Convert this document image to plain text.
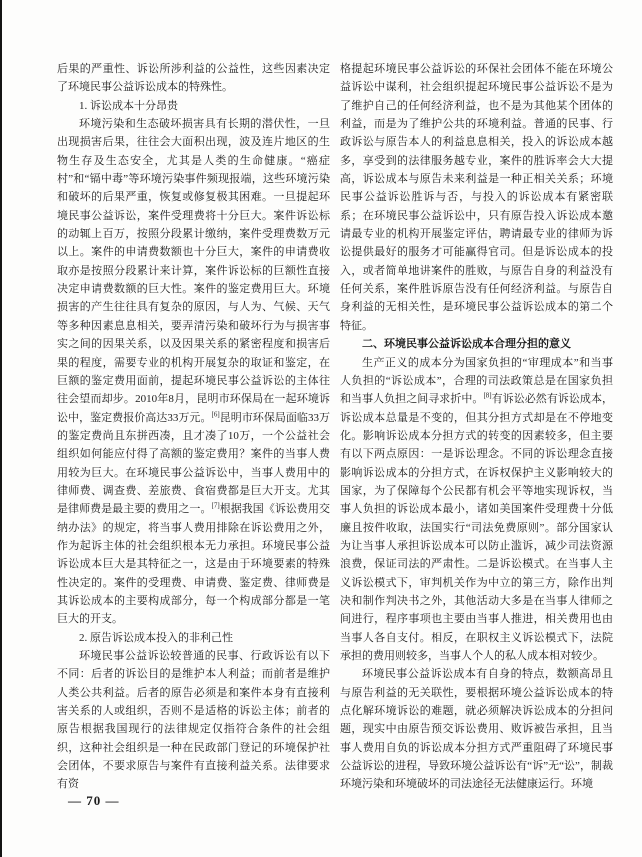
后果的严重性、诉讼所涉利益的公益性，这些因素决定了环境民事公益诉讼成本的特殊性。

1. 诉讼成本十分昂贵

环境污染和生态破坏损害具有长期的潜伏性，一旦出现损害后果，往往会大面积出现，波及连片地区的生物生存及生态安全，尤其是人类的生命健康。“癌症村”和“镉中毒”等环境污染事件频现报端，这些环境污染和破坏的后果严重，恢复或修复极其困难。一旦提起环境民事公益诉讼，案件受理费将十分巨大。案件诉讼标的动辄上百万，按照分段累计缴纳，案件受理费数万元以上。案件的申请费数额也十分巨大，案件的申请费收取亦是按照分段累计来计算，案件诉讼标的巨额性直接决定申请费数额的巨大性。案件的鉴定费用巨大。环境损害的产生往往具有复杂的原因，与人为、气候、天气等多种因素息息相关，要弄清污染和破坏行为与损害事实之间的因果关系，以及因果关系的紧密程度和损害后果的程度，需要专业的机构开展复杂的取证和鉴定，在巨额的鉴定费用面前，提起环境民事公益诉讼的主体往往会望而却步。2010年8月，昆明市环保局在一起环境诉讼中，鉴定费报价高达33万元。[6]昆明市环保局面临33万的鉴定费尚且东拼西凑，且才凑了10万，一个公益社会组织如何能应付得了高额的鉴定费用？案件的当事人费用较为巨大。在环境民事公益诉讼中，当事人费用中的律师费、调查费、差旅费、食宿费都是巨大开支。尤其是律师费是最主要的费用之一。[7]根据我国《诉讼费用交纳办法》的规定，将当事人费用排除在诉讼费用之外，作为起诉主体的社会组织根本无力承担。环境民事公益诉讼成本巨大是其特征之一，这是由于环境要素的特殊性决定的。案件的受理费、申请费、鉴定费、律师费是其诉讼成本的主要构成部分，每一个构成部分都是一笔巨大的开支。

2. 原告诉讼成本投入的非利己性

环境民事公益诉讼较普通的民事、行政诉讼有以下不同：后者的诉讼目的是维护本人利益；而前者是维护人类公共利益。后者的原告必须是和案件本身有直接利害关系的人或组织，否则不是适格的诉讼主体；前者的原告根据我国现行的法律规定仅指符合条件的社会组织，这种社会组织是一种在民政部门登记的环境保护社会团体，不要求原告与案件有直接利益关系。法律要求有资

格提起环境民事公益诉讼的环保社会团体不能在环境公益诉讼中谋利，社会组织提起环境民事公益诉讼不是为了维护自己的任何经济利益，也不是为其他某个团体的利益，而是为了维护公共的环境利益。普通的民事、行政诉讼与原告本人的利益息息相关，投入的诉讼成本越多，享受到的法律服务越专业，案件的胜诉率会大大提高，诉讼成本与原告未来利益是一种正相关关系；环境民事公益诉讼胜诉与否，与投入的诉讼成本有紧密联系；在环境民事公益诉讼中，只有原告投入诉讼成本邀请最专业的机构开展鉴定评估，聘请最专业的律师为诉讼提供最好的服务才可能赢得官司。但是诉讼成本的投入，或者简单地讲案件的胜败，与原告自身的利益没有任何关系，案件胜诉原告没有任何经济利益。与原告自身利益的无相关性，是环境民事公益诉讼成本的第二个特征。

二、环境民事公益诉讼成本合理分担的意义

生产正义的成本分为国家负担的“审理成本”和当事人负担的“诉讼成本”，合理的司法政策总是在国家负担和当事人负担之间寻求折中。[8]有诉讼必然有诉讼成本，诉讼成本总量是不变的，但其分担方式却是在不停地变化。影响诉讼成本分担方式的转变的因素较多，但主要有以下两点原因：一是诉讼理念。不同的诉讼理念直接影响诉讼成本的分担方式，在诉权保护主义影响较大的国家，为了保障每个公民都有机会平等地实现诉权，当事人负担的诉讼成本最小，诸如美国案件受理费十分低廉且按件收取，法国实行“司法免费原则”。部分国家认为让当事人承担诉讼成本可以防止滥诉，减少司法资源浪费，保证司法的严肃性。二是诉讼模式。在当事人主义诉讼模式下，审判机关作为中立的第三方，除作出判决和制作判决书之外，其他活动大多是在当事人律师之间进行，程序事项也主要由当事人推进，相关费用也由当事人各自支付。相反，在职权主义诉讼模式下，法院承担的费用则较多，当事人个人的私人成本相对较少。

环境民事公益诉讼成本有自身的特点，数额高昂且与原告利益的无关联性，要根据环境公益诉讼成本的特点化解环境诉讼的难题，就必须解决诉讼成本的分担问题，现实中由原告预交诉讼费用、败诉被告承担，且当事人费用自负的诉讼成本分担方式严重阻碍了环境民事公益诉讼的进程，导致环境公益诉讼有“诉”无“讼”，制裁环境污染和环境破坏的司法途径无法健康运行。环境

— 70 —
